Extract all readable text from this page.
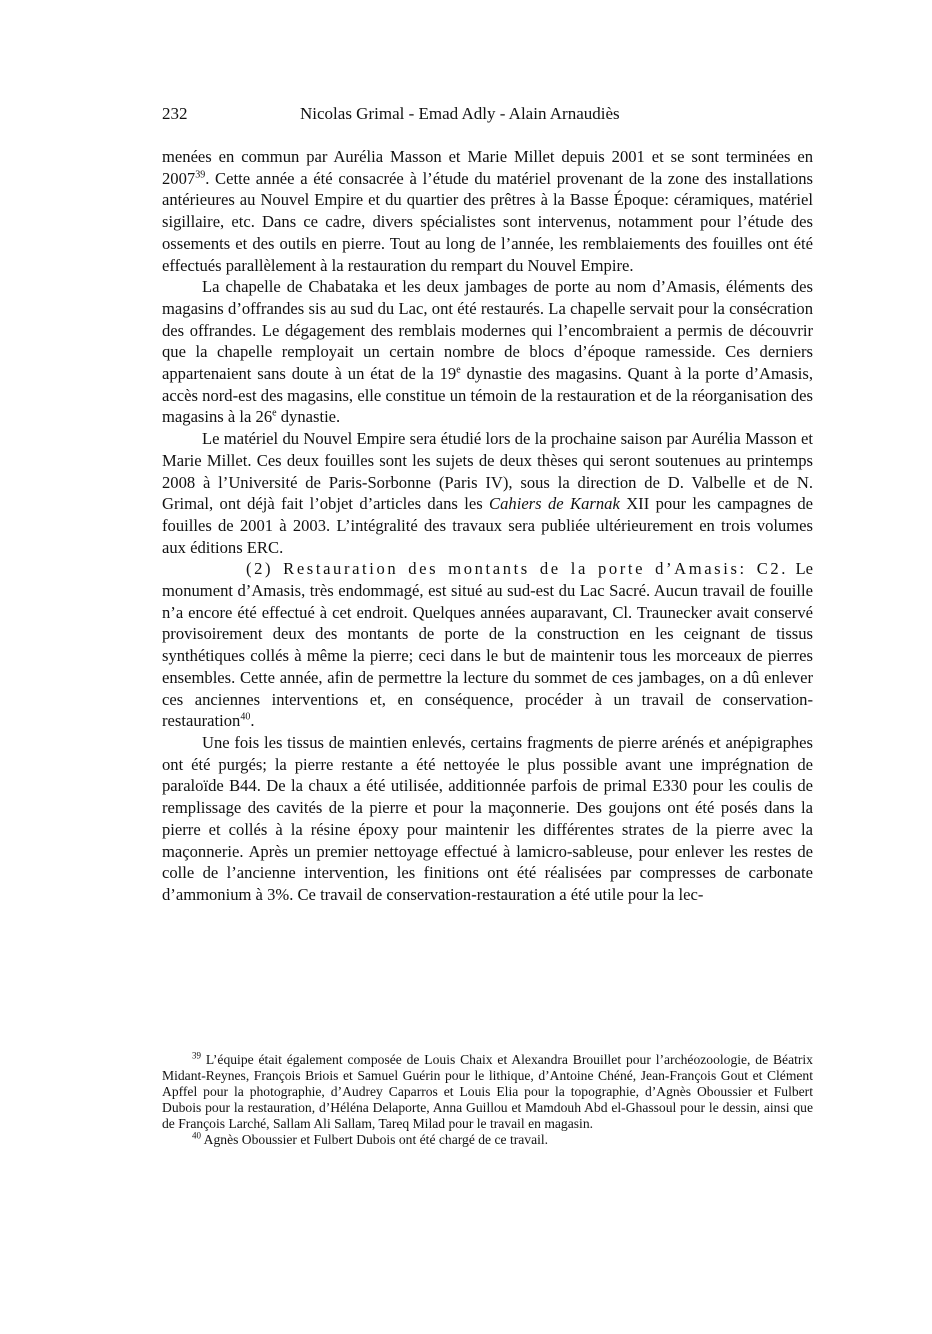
232	Nicolas Grimal - Emad Adly - Alain Arnaudiès

menées en commun par Aurélia Masson et Marie Millet depuis 2001 et se sont terminées en 2007$^{39}$. Cette année a été consacrée à l’étude du matériel provenant de la zone des installations antérieures au Nouvel Empire et du quartier des prêtres à la Basse Époque: céramiques, matériel sigillaire, etc. Dans ce cadre, divers spécialistes sont intervenus, notamment pour l’étude des ossements et des outils en pierre. Tout au long de l’année, les remblaiements des fouilles ont été effectués parallèlement à la restauration du rempart du Nouvel Empire.

La chapelle de Chabataka et les deux jambages de porte au nom d’Amasis, éléments des magasins d’offrandes sis au sud du Lac, ont été restaurés. La chapelle servait pour la consécration des offrandes. Le dégagement des remblais modernes qui l’encombraient a permis de découvrir que la chapelle remployait un certain nombre de blocs d’époque ramesside. Ces derniers appartenaient sans doute à un état de la 19e dynastie des magasins. Quant à la porte d’Amasis, accès nord-est des magasins, elle constitue un témoin de la restauration et de la réorganisation des magasins à la 26e dynastie.

Le matériel du Nouvel Empire sera étudié lors de la prochaine saison par Aurélia Masson et Marie Millet. Ces deux fouilles sont les sujets de deux thèses qui seront soutenues au printemps 2008 à l’Université de Paris-Sorbonne (Paris IV), sous la direction de D. Valbelle et de N. Grimal, ont déjà fait l’objet d’articles dans les Cahiers de Karnak XII pour les campagnes de fouilles de 2001 à 2003. L’intégralité des travaux sera publiée ultérieurement en trois volumes aux éditions ERC.

(2) Restauration des montants de la porte d’Amasis: C2. Le monument d’Amasis, très endommagé, est situé au sud-est du Lac Sacré. Aucun travail de fouille n’a encore été effectué à cet endroit. Quelques années auparavant, Cl. Traunecker avait conservé provisoirement deux des montants de porte de la construction en les ceignant de tissus synthétiques collés à même la pierre; ceci dans le but de maintenir tous les morceaux de pierres ensembles. Cette année, afin de permettre la lecture du sommet de ces jambages, on a dû enlever ces anciennes interventions et, en conséquence, procéder à un travail de conservation-restauration$^{40}$.

Une fois les tissus de maintien enlevés, certains fragments de pierre arénés et anépigraphes ont été purgés; la pierre restante a été nettoyée le plus possible avant une imprégnation de paraloïde B44. De la chaux a été utilisée, additionnée parfois de primal E330 pour les coulis de remplissage des cavités de la pierre et pour la maçonnerie. Des goujons ont été posés dans la pierre et collés à la résine époxy pour maintenir les différentes strates de la pierre avec la maçonnerie. Après un premier nettoyage effectué à lamicro-sableuse, pour enlever les restes de colle de l’ancienne intervention, les finitions ont été réalisées par compresses de carbonate d’ammonium à 3%. Ce travail de conservation-restauration a été utile pour la lec-

$^{39}$ L’équipe était également composée de Louis Chaix et Alexandra Brouillet pour l’archéozoologie, de Béatrix Midant-Reynes, François Briois et Samuel Guérin pour le lithique, d’Antoine Chéné, Jean-François Gout et Clément Apffel pour la photographie, d’Audrey Caparros et Louis Elia pour la topographie, d’Agnès Oboussier et Fulbert Dubois pour la restauration, d’Héléna Delaporte, Anna Guillou et Mamdouh Abd el-Ghassoul pour le dessin, ainsi que de François Larché, Sallam Ali Sallam, Tareq Milad pour le travail en magasin.

$^{40}$ Agnès Oboussier et Fulbert Dubois ont été chargé de ce travail.
